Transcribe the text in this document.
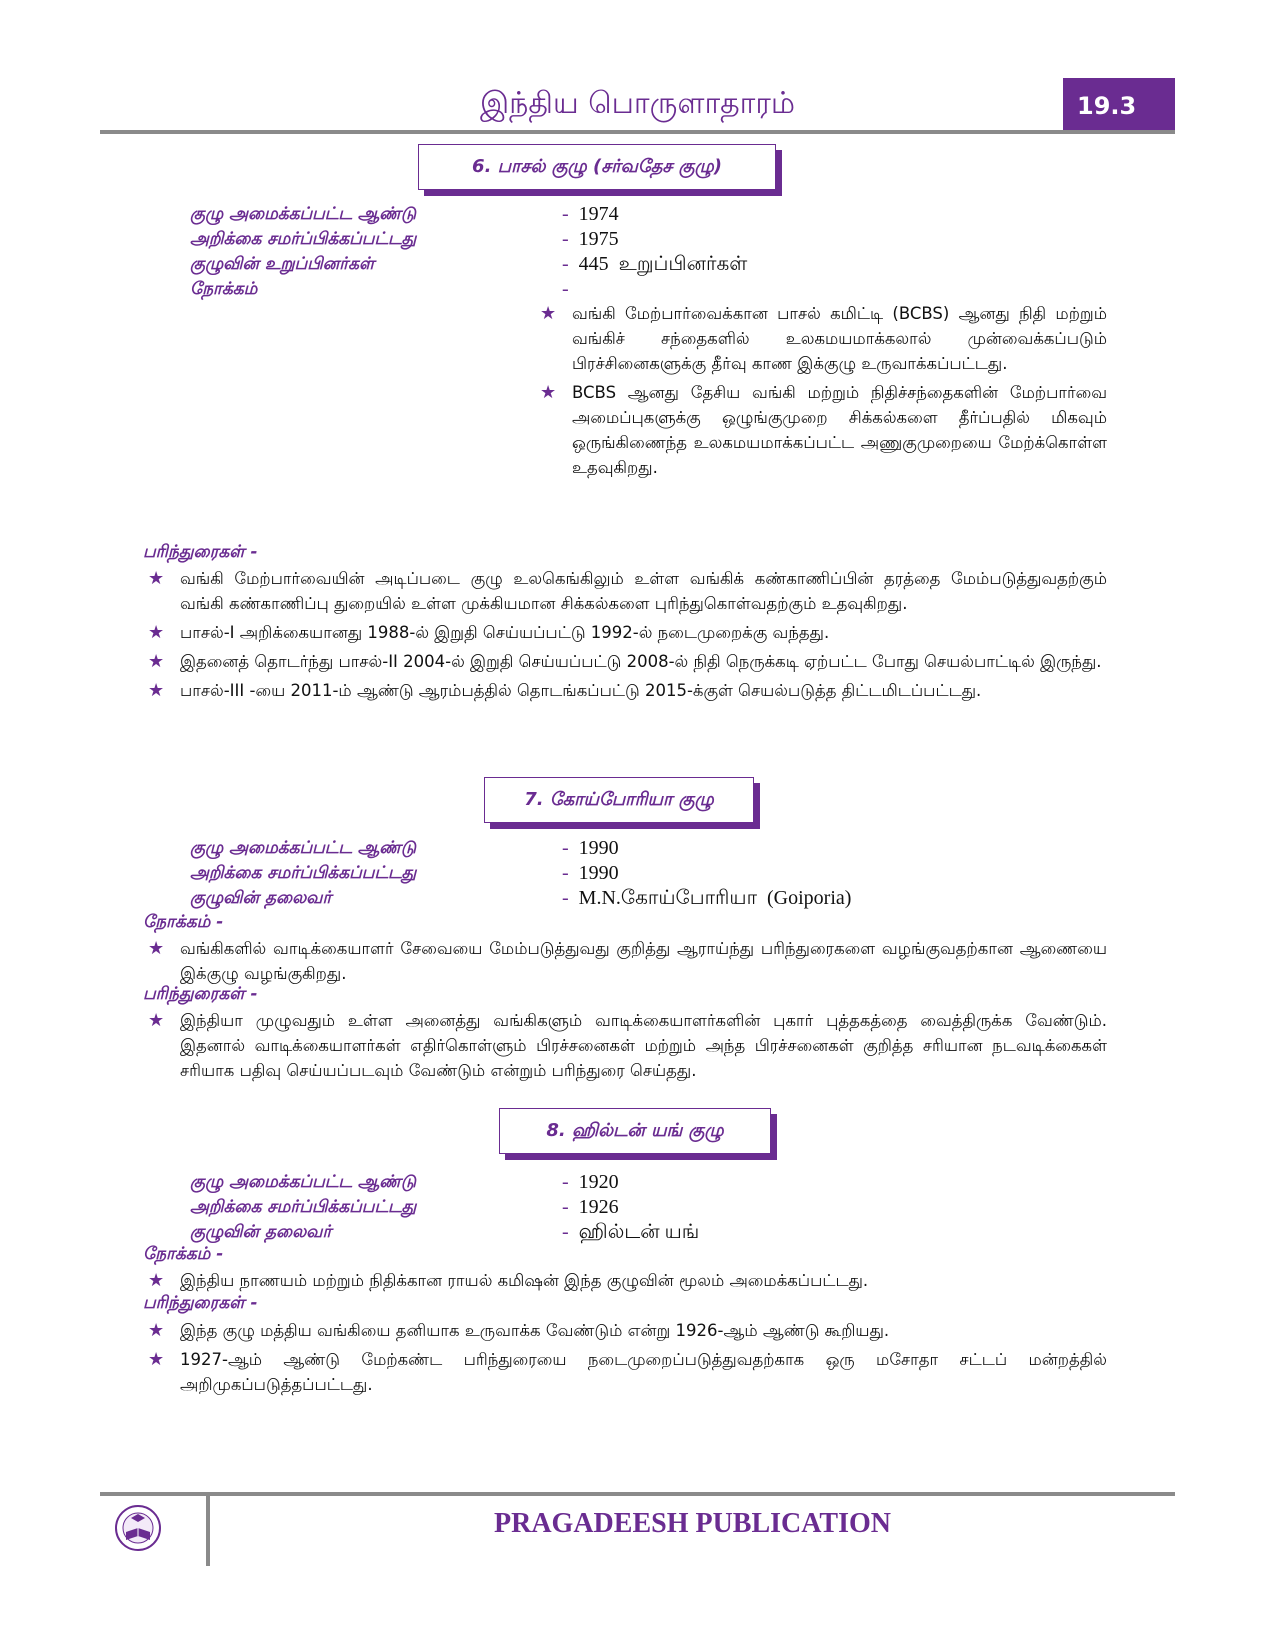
இந்திய பொருளாதாரம்	19.3
6. பாசல் குழு (சர்வதேச குழு)
குழு அமைக்கப்பட்ட ஆண்டு	- 1974
அறிக்கை சமர்ப்பிக்கப்பட்டது	- 1975
குழுவின் உறுப்பினர்கள்	- 445  உறுப்பினர்கள்
நோக்கம்	-
★ வங்கி மேற்பார்வைக்கான பாசல் கமிட்டி (BCBS) ஆனது நிதி மற்றும் வங்கிச் சந்தைகளில் உலகமயமாக்கலால் முன்வைக்கப்படும் பிரச்சினைகளுக்கு தீர்வு காண இக்குழு உருவாக்கப்பட்டது.
★ BCBS ஆனது தேசிய வங்கி மற்றும் நிதிச்சந்தைகளின் மேற்பார்வை அமைப்புகளுக்கு ஒழுங்குமுறை சிக்கல்களை தீர்ப்பதில் மிகவும் ஒருங்கிணைந்த உலகமயமாக்கப்பட்ட அணுகுமுறையை மேற்க்கொள்ள உதவுகிறது.
பரிந்துரைகள் -
★ வங்கி மேற்பார்வையின் அடிப்படை குழு உலகெங்கிலும் உள்ள வங்கிக் கண்காணிப்பின் தரத்தை மேம்படுத்துவதற்கும் வங்கி கண்காணிப்பு துறையில் உள்ள முக்கியமான சிக்கல்களை புரிந்துகொள்வதற்கும் உதவுகிறது.
★ பாசல்-I அறிக்கையானது 1988-ல் இறுதி செய்யப்பட்டு 1992-ல் நடைமுறைக்கு வந்தது.
★ இதனைத் தொடர்ந்து பாசல்-II 2004-ல் இறுதி செய்யப்பட்டு 2008-ல் நிதி நெருக்கடி ஏற்பட்ட போது செயல்பாட்டில் இருந்து.
★ பாசல்-III -யை 2011-ம் ஆண்டு ஆரம்பத்தில் தொடங்கப்பட்டு 2015-க்குள் செயல்படுத்த திட்டமிடப்பட்டது.
7. கோய்போரியா குழு
குழு அமைக்கப்பட்ட ஆண்டு	- 1990
அறிக்கை சமர்ப்பிக்கப்பட்டது	- 1990
குழுவின் தலைவர்	- M.N.கோய்போரியா  (Goiporia)
நோக்கம் -
★ வங்கிகளில் வாடிக்கையாளர் சேவையை மேம்படுத்துவது குறித்து ஆராய்ந்து பரிந்துரைகளை வழங்குவதற்கான ஆணையை இக்குழு வழங்குகிறது.
பரிந்துரைகள் -
★ இந்தியா முழுவதும் உள்ள அனைத்து வங்கிகளும் வாடிக்கையாளர்களின் புகார் புத்தகத்தை வைத்திருக்க வேண்டும். இதனால் வாடிக்கையாளர்கள் எதிர்கொள்ளும் பிரச்சனைகள் மற்றும் அந்த பிரச்சனைகள் குறித்த சரியான நடவடிக்கைகள் சரியாக பதிவு செய்யப்படவும் வேண்டும் என்றும் பரிந்துரை செய்தது.
8. ஹில்டன் யங் குழு
குழு அமைக்கப்பட்ட ஆண்டு	- 1920
அறிக்கை சமர்ப்பிக்கப்பட்டது	- 1926
குழுவின் தலைவர்	- ஹில்டன் யங்
நோக்கம் -
★ இந்திய நாணயம் மற்றும் நிதிக்கான ராயல் கமிஷன் இந்த குழுவின் மூலம் அமைக்கப்பட்டது.
பரிந்துரைகள் -
★ இந்த குழு மத்திய வங்கியை தனியாக உருவாக்க வேண்டும் என்று 1926-ஆம் ஆண்டு கூறியது.
★ 1927-ஆம் ஆண்டு மேற்கண்ட பரிந்துரையை நடைமுறைப்படுத்துவதற்காக ஒரு மசோதா சட்டப் மன்றத்தில் அறிமுகப்படுத்தப்பட்டது.
PRAGADEESH PUBLICATION
